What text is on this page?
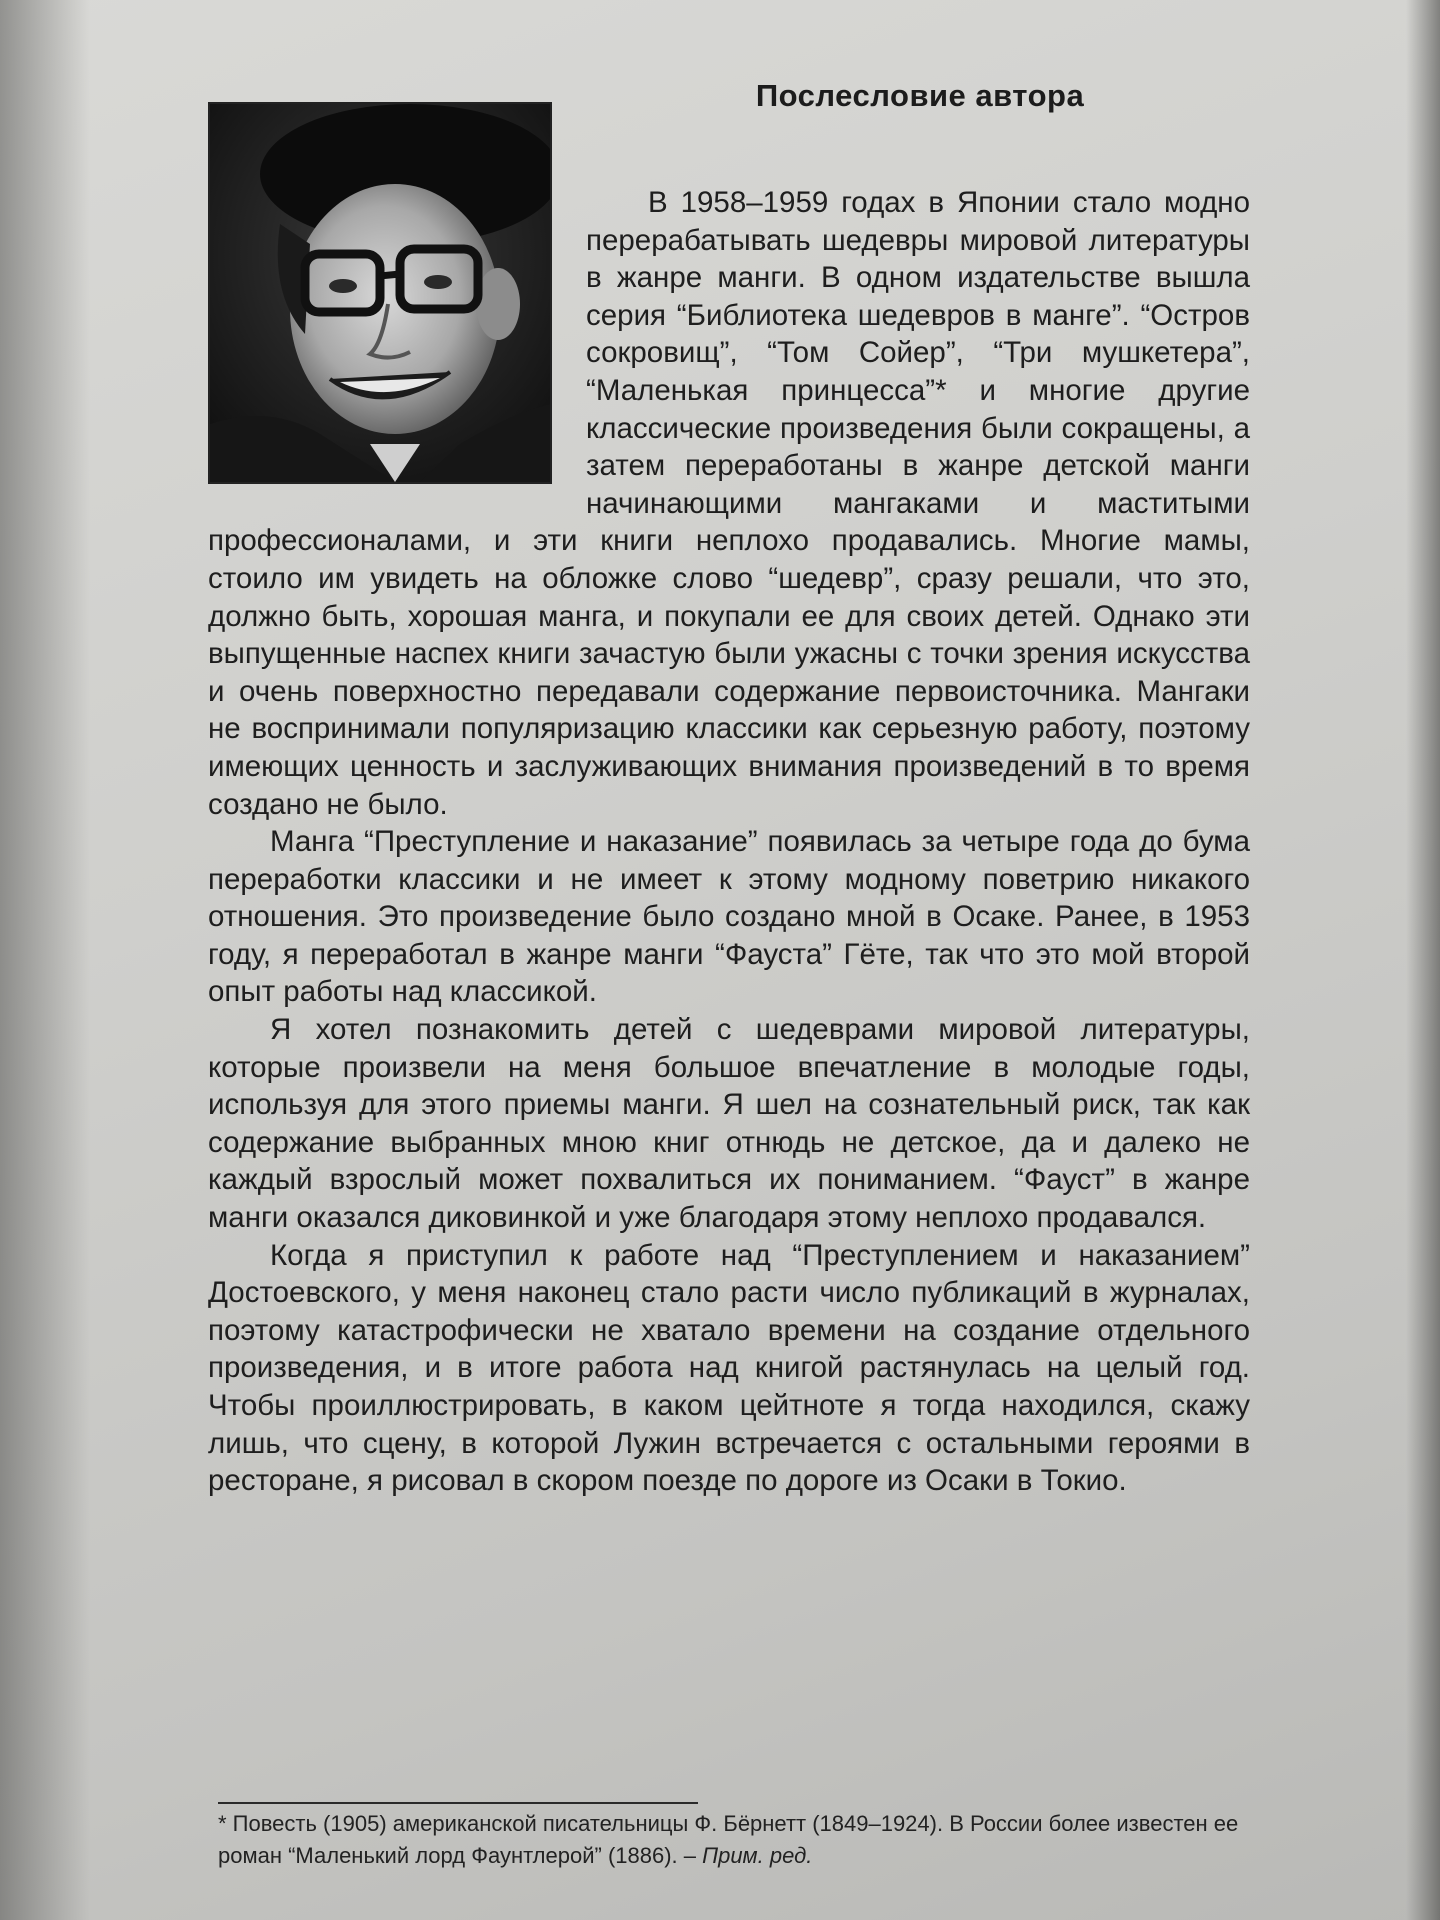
Послесловие автора

В 1958–1959 годах в Японии стало модно перерабатывать шедевры мировой литературы в жанре манги. В одном издательстве вышла серия “Библиотека шедевров в манге”. “Остров сокровищ”, “Том Сойер”, “Три мушкетера”, “Маленькая принцесса”* и многие другие классические произведения были сокращены, а затем переработаны в жанре детской манги начинающими мангаками и маститыми профессионалами, и эти книги неплохо продавались. Многие мамы, стоило им увидеть на обложке слово “шедевр”, сразу решали, что это, должно быть, хорошая манга, и покупали ее для своих детей. Однако эти выпущенные наспех книги зачастую были ужасны с точки зрения искусства и очень поверхностно передавали содержание первоисточника. Мангаки не воспринимали популяризацию классики как серьезную работу, поэтому имеющих ценность и заслуживающих внимания произведений в то время создано не было.

Манга “Преступление и наказание” появилась за четыре года до бума переработки классики и не имеет к этому модному поветрию никакого отношения. Это произведение было создано мной в Осаке. Ранее, в 1953 году, я переработал в жанре манги “Фауста” Гёте, так что это мой второй опыт работы над классикой.

Я хотел познакомить детей с шедеврами мировой литературы, которые произвели на меня большое впечатление в молодые годы, используя для этого приемы манги. Я шел на сознательный риск, так как содержание выбранных мною книг отнюдь не детское, да и далеко не каждый взрослый может похвалиться их пониманием. “Фауст” в жанре манги оказался диковинкой и уже благодаря этому неплохо продавался.

Когда я приступил к работе над “Преступлением и наказанием” Достоевского, у меня наконец стало расти число публикаций в журналах, поэтому катастрофически не хватало времени на создание отдельного произведения, и в итоге работа над книгой растянулась на целый год. Чтобы проиллюстрировать, в каком цейтноте я тогда находился, скажу лишь, что сцену, в которой Лужин встречается с остальными героями в ресторане, я рисовал в скором поезде по дороге из Осаки в Токио.

* Повесть (1905) американской писательницы Ф. Бёрнетт (1849–1924). В России более известен ее роман “Маленький лорд Фаунтлерой” (1886). – Прим. ред.
